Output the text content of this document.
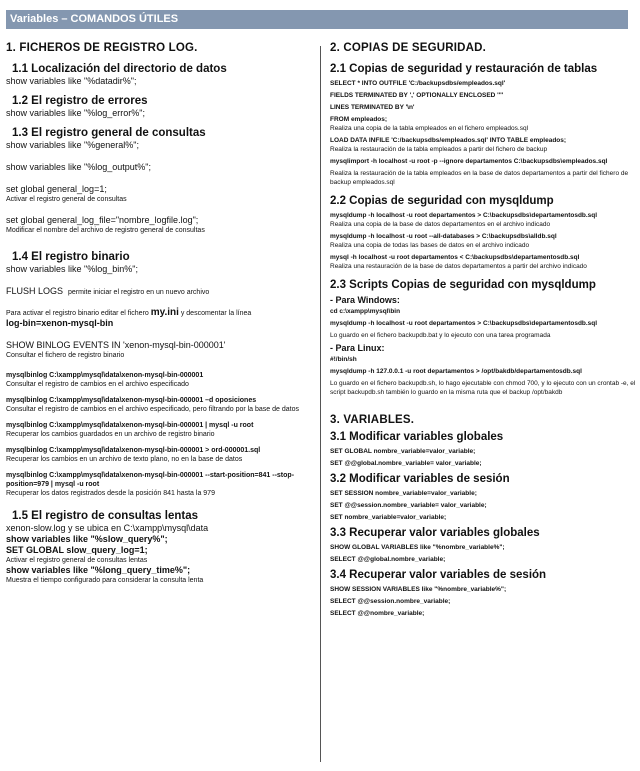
Variables – COMANDOS ÚTILES
1. FICHEROS DE REGISTRO LOG.
1.1 Localización del directorio de datos

show variables like "%datadir%";

1.2 El registro de errores

show variables like "%log_error%";

1.3 El registro general de consultas

show variables like "%general%";

show variables like "%log_output%";

set global general_log=1;

Activar el registro general de consultas

set global general_log_file="nombre_logfile.log";

Modificar el nombre del archivo de registro general de consultas

1.4 El registro binario

show variables like "%log_bin%";

FLUSH LOGS permite iniciar el registro en un nuevo archivo

Para activar el registro binario editar el fichero my.ini y descomentar la línea

log-bin=xenon-mysql-bin

SHOW BINLOG EVENTS IN 'xenon-mysql-bin-000001'

Consultar el fichero de registro binario

mysqlbinlog C:\xampp\mysql\data\xenon-mysql-bin-000001

Consultar el registro de cambios en el archivo especificado

mysqlbinlog C:\xampp\mysql\data\xenon-mysql-bin-000001 –d oposiciones

Consultar el registro de cambios en el archivo especificado, pero filtrando por la base de datos

mysqlbinlog C:\xampp\mysql\data\xenon-mysql-bin-000001 | mysql -u root

Recuperar los cambios guardados en un archivo de registro binario

mysqlbinlog C:\xampp\mysql\data\xenon-mysql-bin-000001 > ord-000001.sql

Recuperar los cambios en un archivo de texto plano, no en la base de datos

mysqlbinlog C:\xampp\mysql\data\xenon-mysql-bin-000001 --start-position=841 --stop-position=979 | mysql -u root

Recuperar los datos registrados desde la posición 841 hasta la 979

1.5 El registro de consultas lentas

xenon-slow.log y se ubica en C:\xampp\mysql\data

show variables like "%slow_query%";

SET GLOBAL slow_query_log=1;

Activar el registro general de consultas lentas

show variables like "%long_query_time%";

Muestra el tiempo configurado para considerar la consulta lenta

2. COPIAS DE SEGURIDAD.
2.1 Copias de seguridad y restauración de tablas

SELECT * INTO OUTFILE 'C:/backupsdbs/empleados.sql'

FIELDS TERMINATED BY ',' OPTIONALLY ENCLOSED '"'

LINES TERMINATED BY '\n'

FROM empleados;

Realiza una copia de la tabla empleados en el fichero empleados.sql

LOAD DATA INFILE 'C:/backupsdbs/empleados.sql' INTO TABLE empleados;

Realiza la restauración de la tabla empleados a partir del fichero de backup

mysqlimport -h localhost -u root -p --ignore departamentos C:\backupsdbs\empleados.sql

Realiza la restauración de la tabla empleados en la base de datos departamentos a partir del fichero de backup empleados.sql

2.2 Copias de seguridad con mysqldump

mysqldump -h localhost -u root departamentos > C:\backupsdbs\departamentosdb.sql

Realiza una copia de la base de datos departamentos en el archivo indicado

mysqldump -h localhost -u root --all-databases > C:\backupsdbs\alldb.sql

Realiza una copia de todas las bases de datos en el archivo indicado

mysql -h localhost -u root departamentos < C:\backupsdbs\departamentosdb.sql

Realiza una restauración de la base de datos departamentos a partir del archivo indicado

2.3 Scripts Copias de seguridad con mysqldump

- Para Windows:

cd c:\xampp\mysql\bin

mysqldump -h localhost -u root departamentos > C:\backupsdbs\departamentosdb.sql

Lo guardo en el fichero backupdb.bat y lo ejecuto con una tarea programada

- Para Linux:

#!/bin/sh

mysqldump -h 127.0.0.1 -u root departamentos > /opt/bakdb/departamentosdb.sql

Lo guardo en el fichero backupdb.sh, lo hago ejecutable con chmod 700, y lo ejecuto con un crontab -e, el script backupdb.sh también lo guardo en la misma ruta que el backup /opt/bakdb

3. VARIABLES.
3.1 Modificar variables globales

SET GLOBAL nombre_variable=valor_variable;

SET @@global.nombre_variable= valor_variable;

3.2 Modificar variables de sesión

SET SESSION nombre_variable=valor_variable;

SET @@session.nombre_variable= valor_variable;

SET nombre_variable=valor_variable;

3.3 Recuperar valor variables globales

SHOW GLOBAL VARIABLES like "%nombre_variable%";

SELECT @@global.nombre_variable;

3.4 Recuperar valor variables de sesión

SHOW SESSION VARIABLES like "%nombre_variable%";

SELECT @@session.nombre_variable;

SELECT @@nombre_variable;
